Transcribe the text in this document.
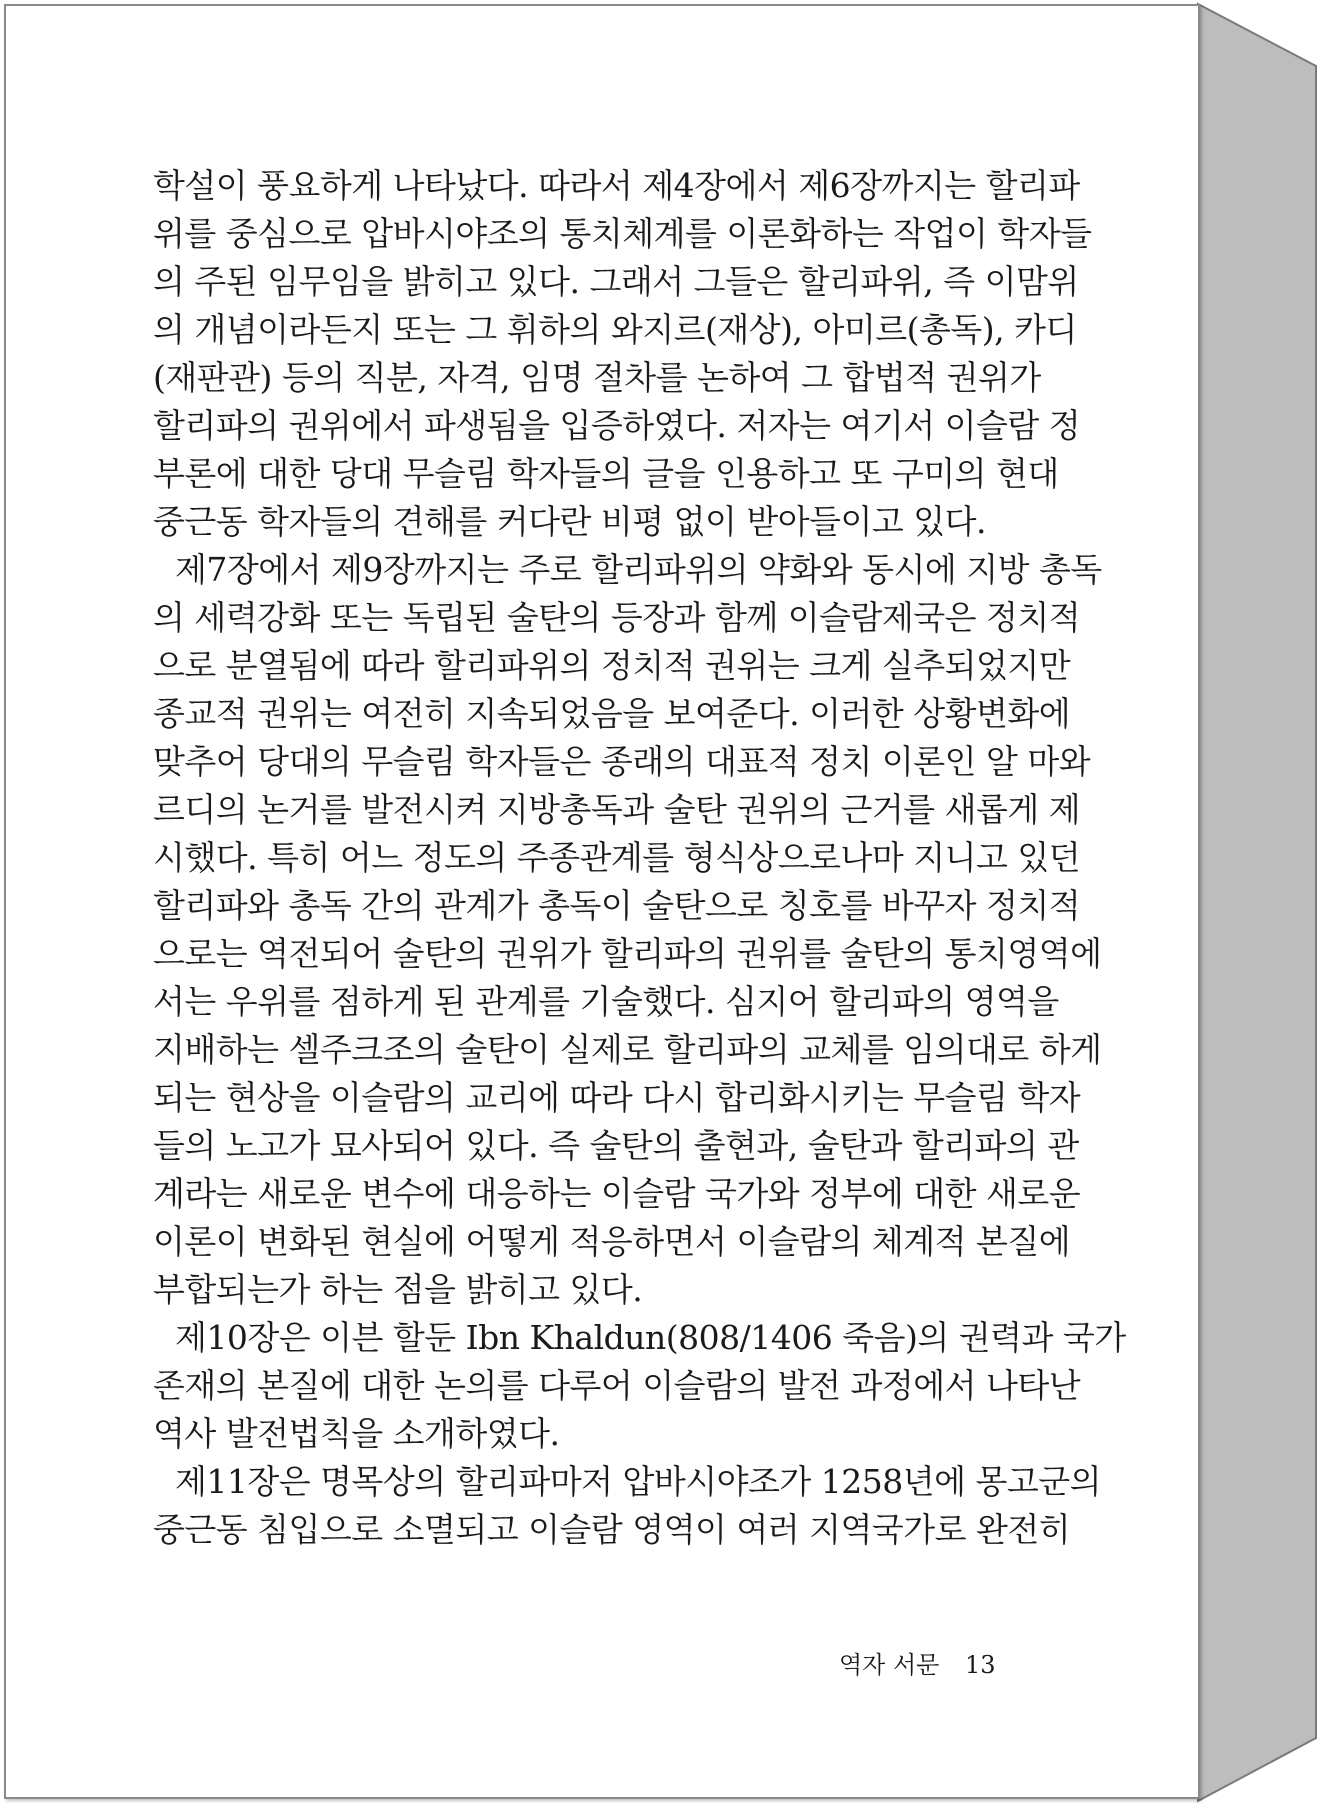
학설이 풍요하게 나타났다. 따라서 제4장에서 제6장까지는 할리파
위를 중심으로 압바시야조의 통치체계를 이론화하는 작업이 학자들
의 주된 임무임을 밝히고 있다. 그래서 그들은 할리파위, 즉 이맘위
의 개념이라든지 또는 그 휘하의 와지르(재상), 아미르(총독), 카디
(재판관) 등의 직분, 자격, 임명 절차를 논하여 그 합법적 권위가
할리파의 권위에서 파생됨을 입증하였다. 저자는 여기서 이슬람 정
부론에 대한 당대 무슬림 학자들의 글을 인용하고 또 구미의 현대
중근동 학자들의 견해를 커다란 비평 없이 받아들이고 있다.
제7장에서 제9장까지는 주로 할리파위의 약화와 동시에 지방 총독
의 세력강화 또는 독립된 술탄의 등장과 함께 이슬람제국은 정치적
으로 분열됨에 따라 할리파위의 정치적 권위는 크게 실추되었지만
종교적 권위는 여전히 지속되었음을 보여준다. 이러한 상황변화에
맞추어 당대의 무슬림 학자들은 종래의 대표적 정치 이론인 알 마와
르디의 논거를 발전시켜 지방총독과 술탄 권위의 근거를 새롭게 제
시했다. 특히 어느 정도의 주종관계를 형식상으로나마 지니고 있던
할리파와 총독 간의 관계가 총독이 술탄으로 칭호를 바꾸자 정치적
으로는 역전되어 술탄의 권위가 할리파의 권위를 술탄의 통치영역에
서는 우위를 점하게 된 관계를 기술했다. 심지어 할리파의 영역을
지배하는 셀주크조의 술탄이 실제로 할리파의 교체를 임의대로 하게
되는 현상을 이슬람의 교리에 따라 다시 합리화시키는 무슬림 학자
들의 노고가 묘사되어 있다. 즉 술탄의 출현과, 술탄과 할리파의 관
계라는 새로운 변수에 대응하는 이슬람 국가와 정부에 대한 새로운
이론이 변화된 현실에 어떻게 적응하면서 이슬람의 체계적 본질에
부합되는가 하는 점을 밝히고 있다.
제10장은 이븐 할둔 Ibn Khaldun(808/1406 죽음)의 권력과 국가
존재의 본질에 대한 논의를 다루어 이슬람의 발전 과정에서 나타난
역사 발전법칙을 소개하였다.
제11장은 명목상의 할리파마저 압바시야조가 1258년에 몽고군의
중근동 침입으로 소멸되고 이슬람 영역이 여러 지역국가로 완전히
역자 서문 13
